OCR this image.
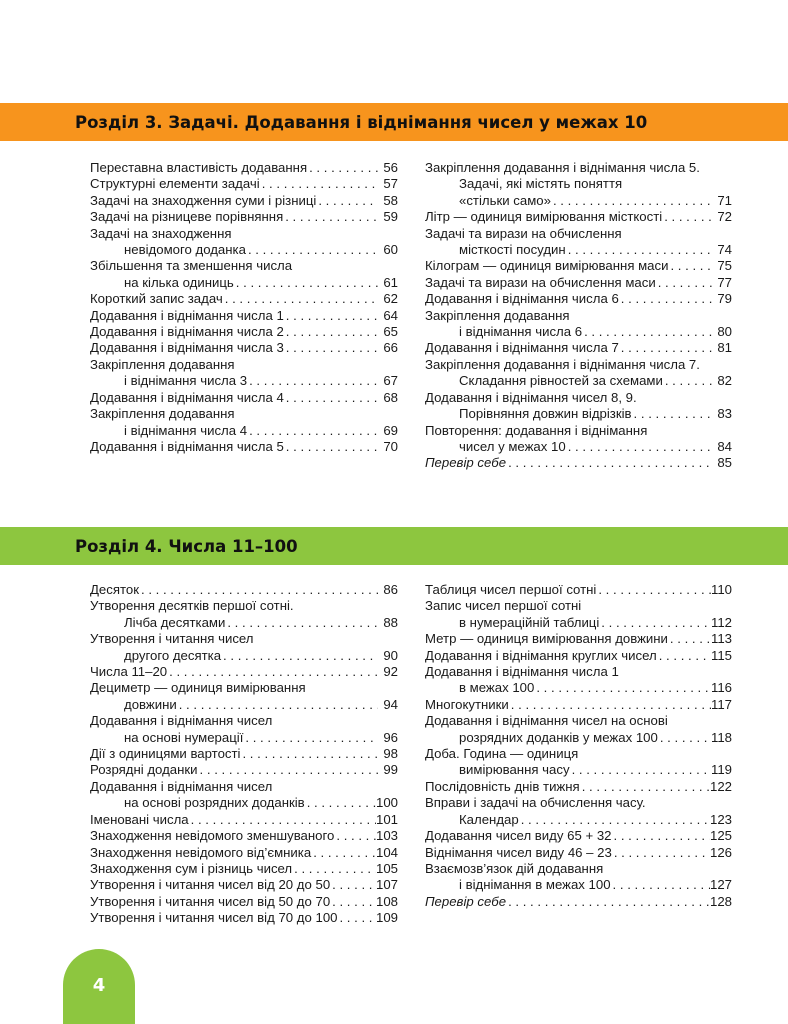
Розділ 3. Задачі. Додавання і віднімання чисел у межах 10
Переставна властивість додавання . . .	56
Структурні елементи задачі . . .	57
Задачі на знаходження суми і різниці . . .	58
Задачі на різницеве порівняння . . .	59
Задачі на знаходження
невідомого доданка . . .	60
Збільшення та зменшення числа
на кілька одиниць . . .	61
Короткий запис задач . . .	62
Додавання і віднімання числа 1 . . .	64
Додавання і віднімання числа 2 . . .	65
Додавання і віднімання числа 3 . . .	66
Закріплення додавання
і віднімання числа 3 . . .	67
Додавання і віднімання числа 4 . . .	68
Закріплення додавання
і віднімання числа 4 . . .	69
Додавання і віднімання числа 5 . . .	70
Закріплення додавання і віднімання числа 5.
Задачі, які містять поняття
«стільки само» . . .	71
Літр — одиниця вимірювання місткості . . .	72
Задачі та вирази на обчислення
місткості посудин . . .	74
Кілограм — одиниця вимірювання маси . . .	75
Задачі та вирази на обчислення маси . . .	77
Додавання і віднімання числа 6 . . .	79
Закріплення додавання
і віднімання числа 6 . . .	80
Додавання і віднімання числа 7 . . .	81
Закріплення додавання і віднімання числа 7.
Складання рівностей за схемами . . .	82
Додавання і віднімання чисел 8, 9.
Порівняння довжин відрізків . . .	83
Повторення: додавання і віднімання
чисел у межах 10 . . .	84
Перевір себе . . .	85
Розділ 4. Числа 11–100
Десяток . . .	86
Утворення десятків першої сотні.
Лічба десятками . . .	88
Утворення і читання чисел
другого десятка . . .	90
Числа 11–20 . . .	92
Дециметр — одиниця вимірювання
довжини . . .	94
Додавання і віднімання чисел
на основі нумерації . . .	96
Дії з одиницями вартості . . .	98
Розрядні доданки . . .	99
Додавання і віднімання чисел
на основі розрядних доданків . . .	100
Іменовані числа . . .	101
Знаходження невідомого зменшуваного . . .	103
Знаходження невідомого від’ємника . . .	104
Знаходження сум і різниць чисел . . .	105
Утворення і читання чисел від 20 до 50 . . .	107
Утворення і читання чисел від 50 до 70 . . .	108
Утворення і читання чисел від 70 до 100 . . .	109
Таблиця чисел першої сотні . . .	110
Запис чисел першої сотні
в нумераційній таблиці . . .	112
Метр — одиниця вимірювання довжини . . .	113
Додавання і віднімання круглих чисел . . .	115
Додавання і віднімання числа 1
в межах 100 . . .	116
Многокутники . . .	117
Додавання і віднімання чисел на основі
розрядних доданків у межах 100 . . .	118
Доба. Година — одиниця
вимірювання часу . . .	119
Послідовність днів тижня . . .	122
Вправи і задачі на обчислення часу.
Календар . . .	123
Додавання чисел виду 65 + 32 . . .	125
Віднімання чисел виду 46 – 23 . . .	126
Взаємозв’язок дій додавання
і віднімання в межах 100 . . .	127
Перевір себе . . .	128
4
